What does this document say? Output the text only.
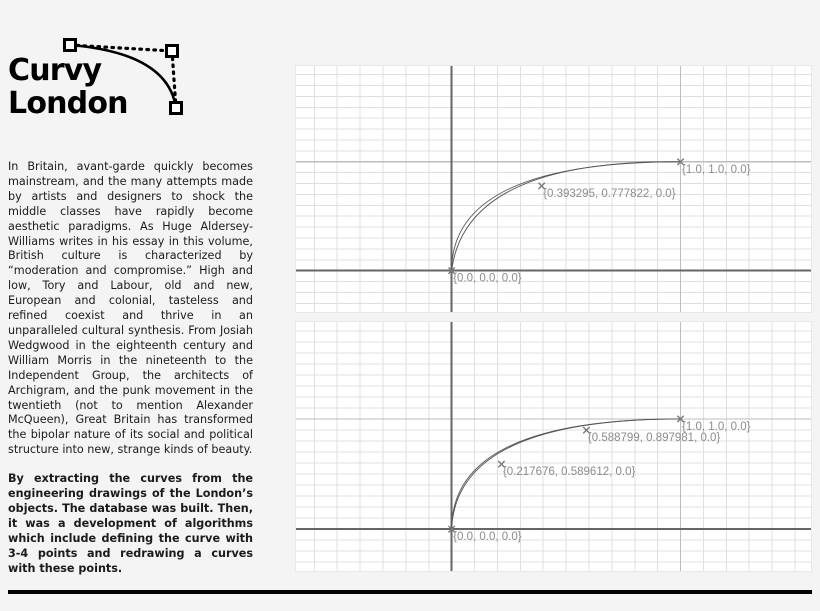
Curvy
London

In Britain, avant-garde quickly becomes mainstream, and the many attempts made by artists and designers to shock the middle classes have rapidly become aesthetic paradigms. As Huge Aldersey-Williams writes in his essay in this volume, British culture is characterized by “moderation and compromise.” High and low, Tory and Labour, old and new, European and colonial, tasteless and refined coexist and thrive in an unparalleled cultural synthesis. From Josiah Wedgwood in the eighteenth century and William Morris in the nineteenth to the Independent Group, the architects of Archigram, and the punk movement in the twentieth (not to mention Alexander McQueen), Great Britain has transformed the bipolar nature of its social and political structure into new, strange kinds of beauty.

By extracting the curves from the engineering drawings of the London’s objects. The database was built. Then, it was a development of algorithms which include defining the curve with 3-4 points and redrawing a curves with these points.

{0.0, 0.0, 0.0}
{0.393295, 0.777822, 0.0}
{1.0, 1.0, 0.0}
{0.0, 0.0, 0.0}
{0.217676, 0.589612, 0.0}
{0.588799, 0.897981, 0.0}
{1.0, 1.0, 0.0}
